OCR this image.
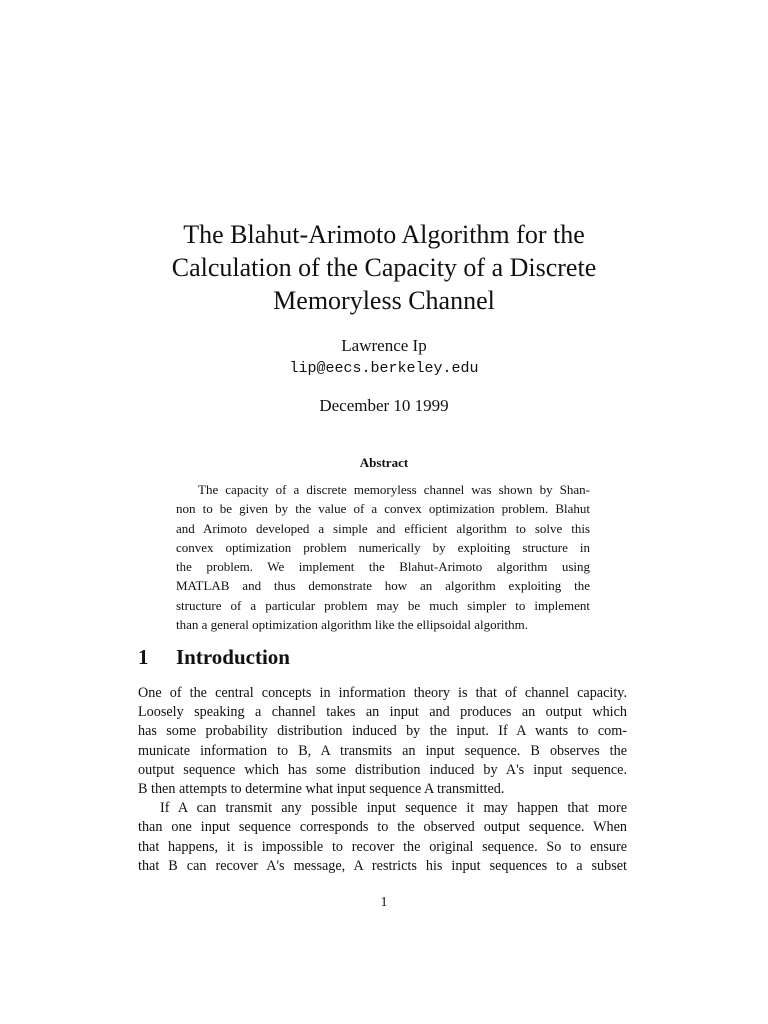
The Blahut-Arimoto Algorithm for the
Calculation of the Capacity of a Discrete
Memoryless Channel
Lawrence Ip
lip@eecs.berkeley.edu
December 10 1999
Abstract
The capacity of a discrete memoryless channel was shown by Shan-
non to be given by the value of a convex optimization problem. Blahut
and Arimoto developed a simple and efficient algorithm to solve this
convex optimization problem numerically by exploiting structure in
the problem. We implement the Blahut-Arimoto algorithm using
MATLAB and thus demonstrate how an algorithm exploiting the
structure of a particular problem may be much simpler to implement
than a general optimization algorithm like the ellipsoidal algorithm.
1 Introduction
One of the central concepts in information theory is that of channel capacity.
Loosely speaking a channel takes an input and produces an output which
has some probability distribution induced by the input. If A wants to com-
municate information to B, A transmits an input sequence. B observes the
output sequence which has some distribution induced by A's input sequence.
B then attempts to determine what input sequence A transmitted.
If A can transmit any possible input sequence it may happen that more
than one input sequence corresponds to the observed output sequence. When
that happens, it is impossible to recover the original sequence. So to ensure
that B can recover A's message, A restricts his input sequences to a subset
1
